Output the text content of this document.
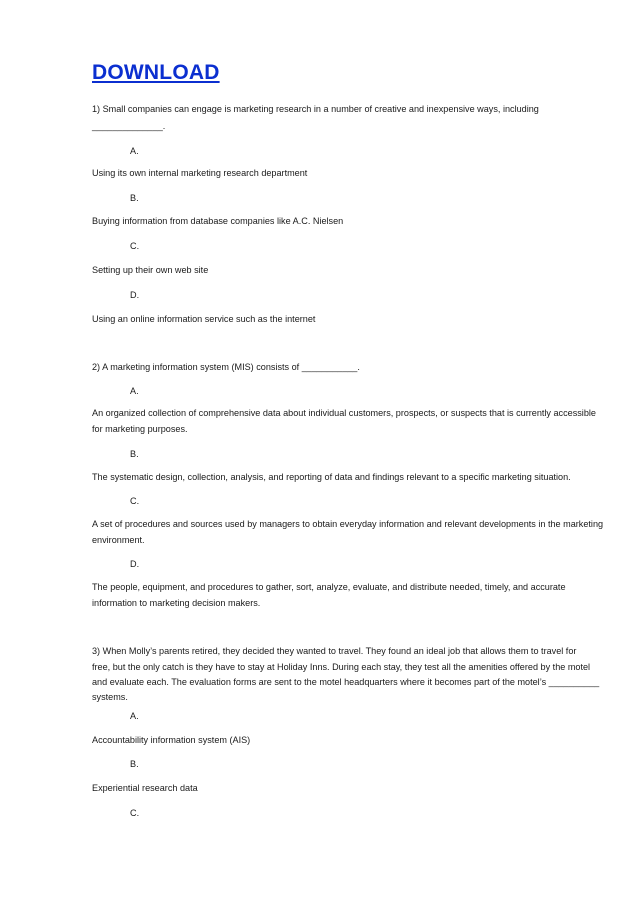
DOWNLOAD
1) Small companies can engage is marketing research in a number of creative and inexpensive ways, including
______________.
A.
Using its own internal marketing research department
B.
Buying information from database companies like A.C. Nielsen
C.
Setting up their own web site
D.
Using an online information service such as the internet
2) A marketing information system (MIS) consists of ___________.
A.
An organized collection of comprehensive data about individual customers, prospects, or suspects that is currently accessible
for marketing purposes.
B.
The systematic design, collection, analysis, and reporting of data and findings relevant to a specific marketing situation.
C.
A set of procedures and sources used by managers to obtain everyday information and relevant developments in the marketing
environment.
D.
The people, equipment, and procedures to gather, sort, analyze, evaluate, and distribute needed, timely, and accurate
information to marketing decision makers.
3) When Molly’s parents retired, they decided they wanted to travel. They found an ideal job that allows them to travel for
free, but the only catch is they have to stay at Holiday Inns. During each stay, they test all the amenities offered by the motel
and evaluate each. The evaluation forms are sent to the motel headquarters where it becomes part of the motel’s __________
systems.
A.
Accountability information system (AIS)
B.
Experiential research data
C.
